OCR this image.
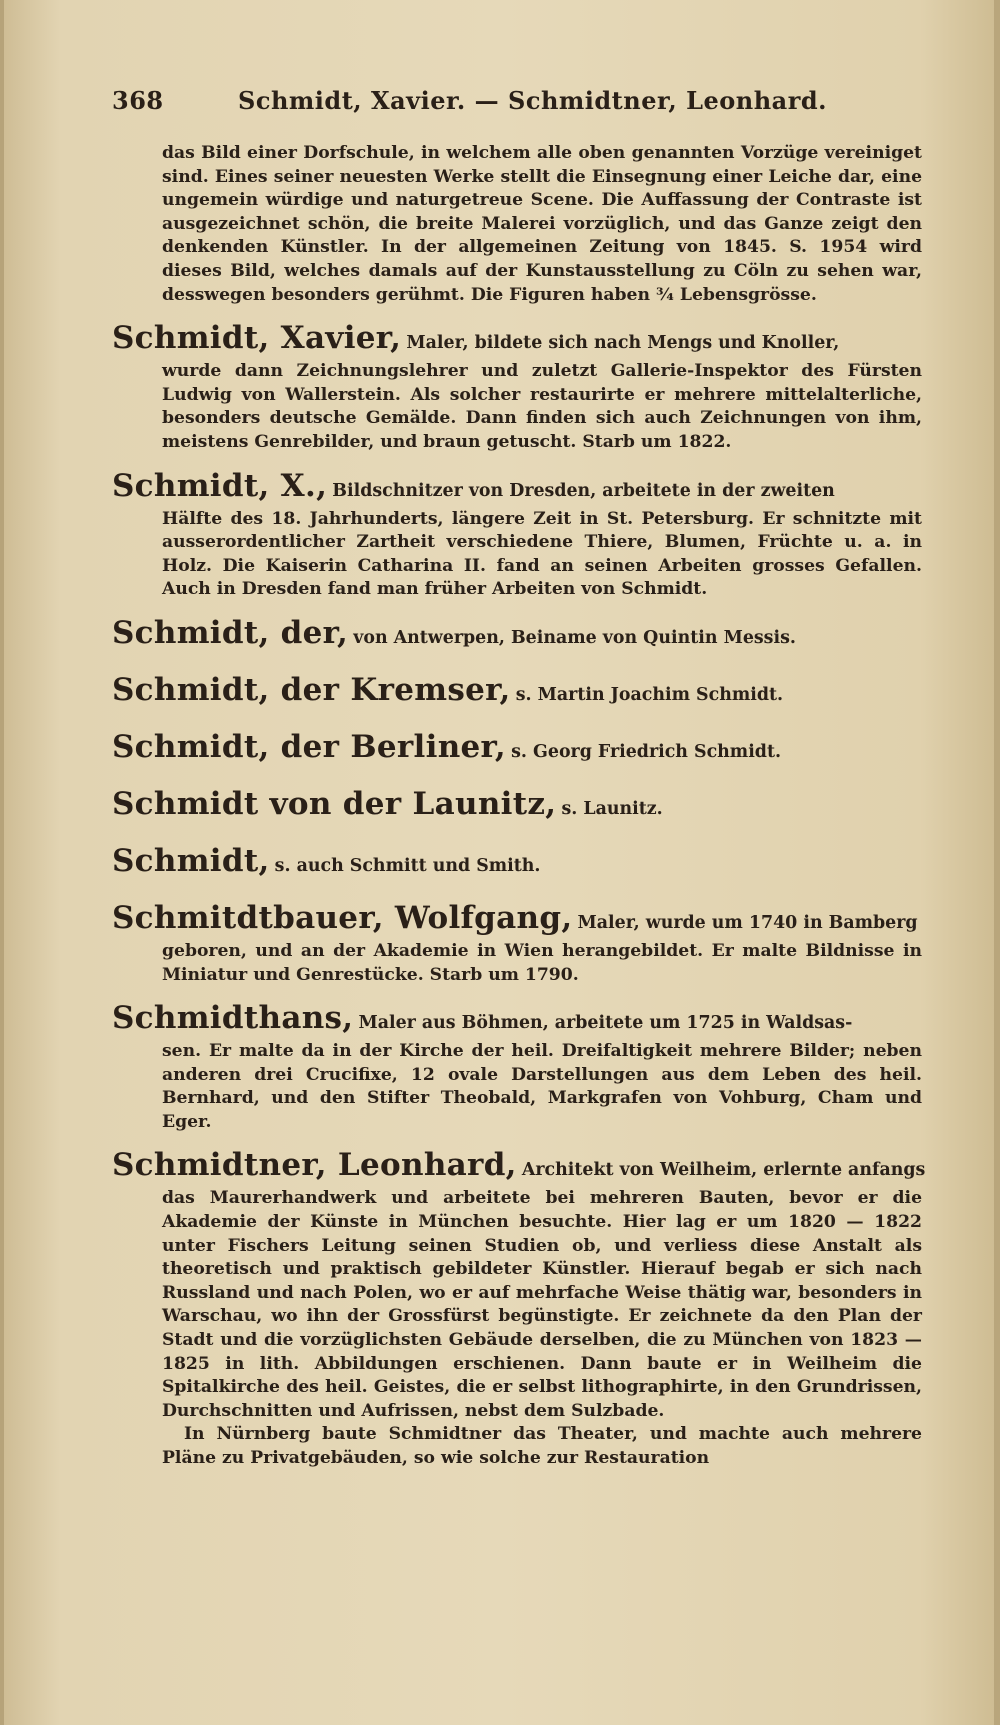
368	Schmidt, Xavier. — Schmidtner, Leonhard.
das Bild einer Dorfschule, in welchem alle oben genannten Vorzüge vereiniget sind. Eines seiner neuesten Werke stellt die Einsegnung einer Leiche dar, eine ungemein würdige und naturgetreue Scene. Die Auffassung der Contraste ist ausgezeichnet schön, die breite Malerei vorzüglich, und das Ganze zeigt den denkenden Künstler. In der allgemeinen Zeitung von 1845. S. 1954 wird dieses Bild, welches damals auf der Kunstausstellung zu Cöln zu sehen war, desswegen besonders gerühmt. Die Figuren haben ¾ Lebensgrösse.
Schmidt, Xavier, Maler, bildete sich nach Mengs und Knoller,
wurde dann Zeichnungslehrer und zuletzt Gallerie-Inspektor des Fürsten Ludwig von Wallerstein. Als solcher restaurirte er mehrere mittelalterliche, besonders deutsche Gemälde. Dann finden sich auch Zeichnungen von ihm, meistens Genrebilder, und braun getuscht. Starb um 1822.
Schmidt, X., Bildschnitzer von Dresden, arbeitete in der zweiten
Hälfte des 18. Jahrhunderts, längere Zeit in St. Petersburg. Er schnitzte mit ausserordentlicher Zartheit verschiedene Thiere, Blumen, Früchte u. a. in Holz. Die Kaiserin Catharina II. fand an seinen Arbeiten grosses Gefallen. Auch in Dresden fand man früher Arbeiten von Schmidt.
Schmidt, der, von Antwerpen, Beiname von Quintin Messis.
Schmidt, der Kremser, s. Martin Joachim Schmidt.
Schmidt, der Berliner, s. Georg Friedrich Schmidt.
Schmidt von der Launitz, s. Launitz.
Schmidt, s. auch Schmitt und Smith.
Schmitdtbauer, Wolfgang, Maler, wurde um 1740 in Bamberg
geboren, und an der Akademie in Wien herangebildet. Er malte Bildnisse in Miniatur und Genrestücke. Starb um 1790.
Schmidthans, Maler aus Böhmen, arbeitete um 1725 in Waldsas-
sen. Er malte da in der Kirche der heil. Dreifaltigkeit mehrere Bilder; neben anderen drei Crucifixe, 12 ovale Darstellungen aus dem Leben des heil. Bernhard, und den Stifter Theobald, Markgrafen von Vohburg, Cham und Eger.
Schmidtner, Leonhard, Architekt von Weilheim, erlernte anfangs
das Maurerhandwerk und arbeitete bei mehreren Bauten, bevor er die Akademie der Künste in München besuchte. Hier lag er um 1820 — 1822 unter Fischers Leitung seinen Studien ob, und verliess diese Anstalt als theoretisch und praktisch gebildeter Künstler. Hierauf begab er sich nach Russland und nach Polen, wo er auf mehrfache Weise thätig war, besonders in Warschau, wo ihn der Grossfürst begünstigte. Er zeichnete da den Plan der Stadt und die vorzüglichsten Gebäude derselben, die zu München von 1823 — 1825 in lith. Abbildungen erschienen. Dann baute er in Weilheim die Spitalkirche des heil. Geistes, die er selbst lithographirte, in den Grundrissen, Durchschnitten und Aufrissen, nebst dem Sulzbade.
In Nürnberg baute Schmidtner das Theater, und machte auch mehrere Pläne zu Privatgebäuden, so wie solche zur Restauration
